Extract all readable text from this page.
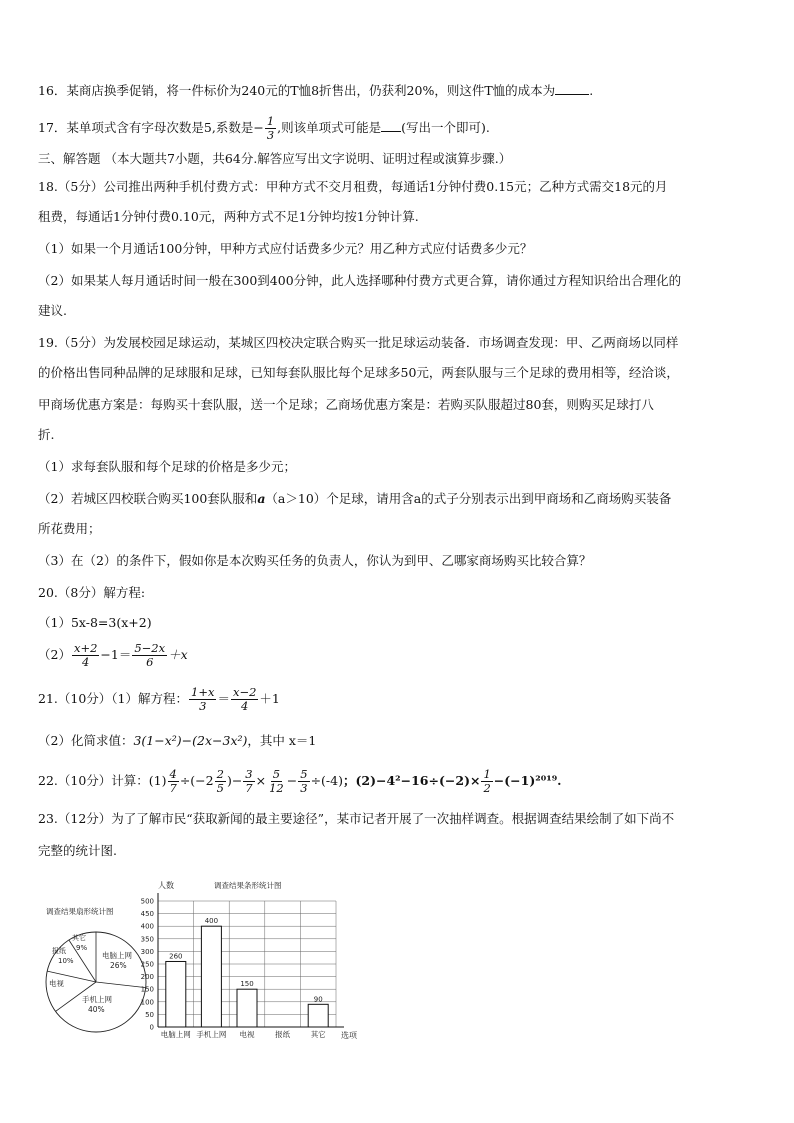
16．某商店换季促销，将一件标价为240元的T恤8折售出，仍获利20%，则这件T恤的成本为	.
17．某单项式含有字母次数是5,系数是− $\frac{1}{3}$ ,则该单项式可能是 (写出一个即可).
三、解答题 （本大题共7小题，共64分.解答应写出文字说明、证明过程或演算步骤.）
18.（5分）公司推出两种手机付费方式：甲种方式不交月租费，每通话1分钟付费0.15元；乙种方式需交18元的月
租费，每通话1分钟付费0.10元，两种方式不足1分钟均按1分钟计算.
（1）如果一个月通话100分钟，甲种方式应付话费多少元？用乙种方式应付话费多少元？
（2）如果某人每月通话时间一般在300到400分钟，此人选择哪种付费方式更合算，请你通过方程知识给出合理化的
建议.
19.（5分）为发展校园足球运动，某城区四校决定联合购买一批足球运动装备．市场调查发现：甲、乙两商场以同样
的价格出售同种品牌的足球服和足球，已知每套队服比每个足球多50元，两套队服与三个足球的费用相等，经洽谈，
甲商场优惠方案是：每购买十套队服，送一个足球；乙商场优惠方案是：若购买队服超过80套，则购买足球打八
折.
（1）求每套队服和每个足球的价格是多少元；
（2）若城区四校联合购买100套队服和a（a＞10）个足球，请用含a的式子分别表示出到甲商场和乙商场购买装备
所花费用；
（3）在（2）的条件下，假如你是本次购买任务的负责人，你认为到甲、乙哪家商场购买比较合算？
20.（8分）解方程:
（1）5x-8=3(x+2)
$(2) \frac{x+2}{4} -1= \frac{5-2x}{6} +x$
21.（10分）（1）解方程： $\frac{1+x}{3} = \frac{x-2}{4} +1$
（2）化简求值：3(1−x²)−(2x−3x²)，其中 x＝1
22.（10分）计算：$(1) \frac{4}{7} \div(-2 \frac{2}{5}$ )− $\frac{3}{7} \times \frac{5}{12} - \frac{5}{3} \div(-4)$；$(2)-4^2-16\div(-2)\times \frac{1}{2} -(-1)^{2019}$.
23.（12分）为了了解市民“获取新闻的最主要途径”，某市记者开展了一次抽样调查。根据调查结果绘制了如下尚不
完整的统计图.
调查结果扇形统计图
电脑上网
26%
手机上网
40%
电视
报纸
10%
其它
9%
人数	调查结果条形统计图
0
50
100
150
200
250
300
350
400
450
500
260
400
150
90
电脑上网 手机上网 电视	报纸	其它 选项
